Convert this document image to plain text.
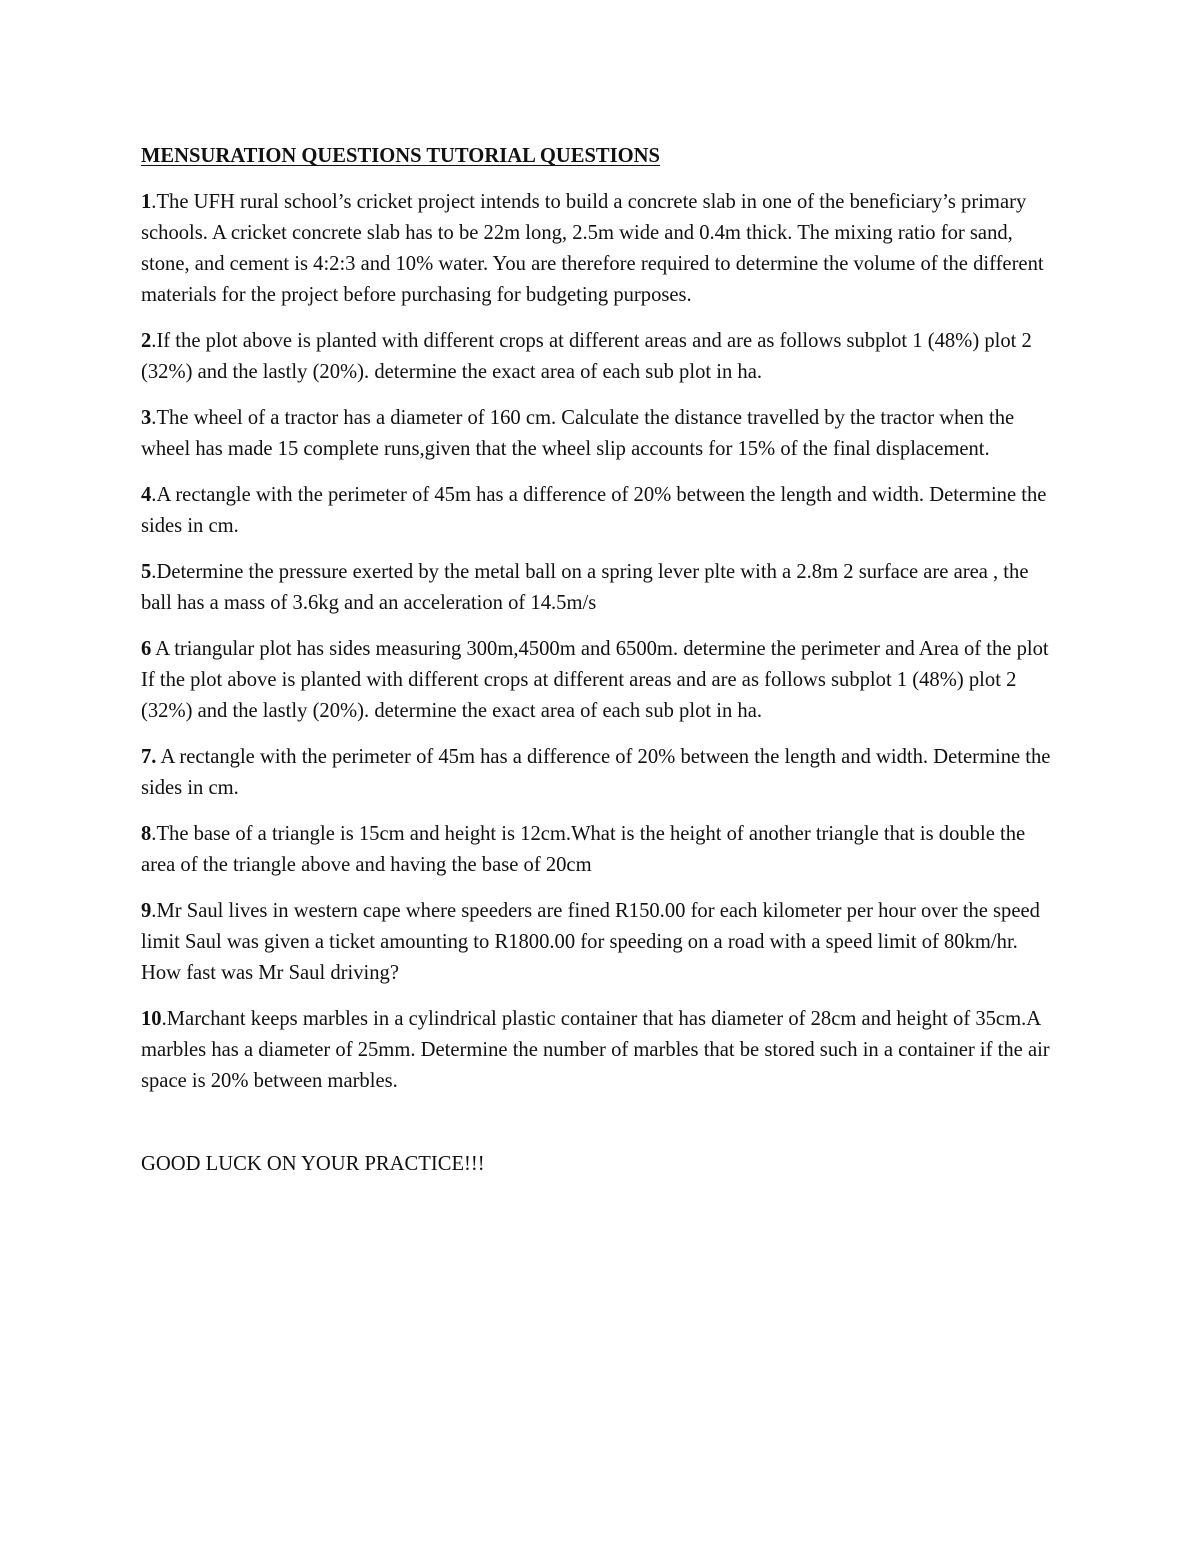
MENSURATION QUESTIONS TUTORIAL QUESTIONS

1.The UFH rural school’s cricket project intends to build a concrete slab in one of the beneficiary’s primary schools. A cricket concrete slab has to be 22m long, 2.5m wide and 0.4m thick. The mixing ratio for sand, stone, and cement is 4:2:3 and 10% water. You are therefore required to determine the volume of the different materials for the project before purchasing for budgeting purposes.

2.If the plot above is planted with different crops at different areas and are as follows subplot 1 (48%) plot 2 (32%) and the lastly (20%). determine the exact area of each sub plot in ha.

3.The wheel of a tractor has a diameter of 160 cm. Calculate the distance travelled by the tractor when the wheel has made 15 complete runs,given that the wheel slip accounts for 15% of the final displacement.

4.A rectangle with the perimeter of 45m has a difference of 20% between the length and width. Determine the sides in cm.

5.Determine the pressure exerted by the metal ball on a spring lever plte with a 2.8m 2 surface are area , the ball has a mass of 3.6kg and an acceleration of 14.5m/s

6 A triangular plot has sides measuring 300m,4500m and 6500m. determine the perimeter and Area of the plot If the plot above is planted with different crops at different areas and are as follows subplot 1 (48%) plot 2 (32%) and the lastly (20%). determine the exact area of each sub plot in ha.

7. A rectangle with the perimeter of 45m has a difference of 20% between the length and width. Determine the sides in cm.

8.The base of a triangle is 15cm and height is 12cm.What is the height of another triangle that is double the area of the triangle above and having the base of 20cm

9.Mr Saul lives in western cape where speeders are fined R150.00 for each kilometer per hour over the speed limit Saul was given a ticket amounting to R1800.00 for speeding on a road with a speed limit of 80km/hr. How fast was Mr Saul driving?

10.Marchant keeps marbles in a cylindrical plastic container that has diameter of 28cm and height of 35cm.A marbles has a diameter of 25mm. Determine the number of marbles that be stored such in a container if the air space is 20% between marbles.

GOOD LUCK ON YOUR PRACTICE!!!
